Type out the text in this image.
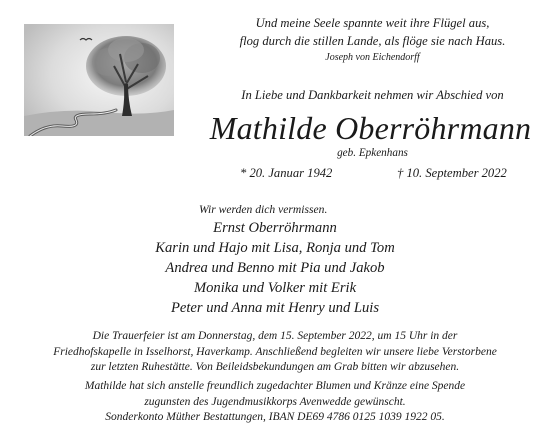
Und meine Seele spannte weit ihre Flügel aus,
flog durch die stillen Lande, als flöge sie nach Haus.
Joseph von Eichendorff
In Liebe und Dankbarkeit nehmen wir Abschied von
Mathilde Oberröhrmann
geb. Epkenhans
* 20. Januar 1942	† 10. September 2022
Wir werden dich vermissen.
Ernst Oberröhrmann
Karin und Hajo mit Lisa, Ronja und Tom
Andrea und Benno mit Pia und Jakob
Monika und Volker mit Erik
Peter und Anna mit Henry und Luis
Die Trauerfeier ist am Donnerstag, dem 15. September 2022, um 15 Uhr in der
Friedhofskapelle in Isselhorst, Haverkamp. Anschließend begleiten wir unsere liebe Verstorbene
zur letzten Ruhestätte. Von Beileidsbekundungen am Grab bitten wir abzusehen.
Mathilde hat sich anstelle freundlich zugedachter Blumen und Kränze eine Spende
zugunsten des Jugendmusikkorps Avenwedde gewünscht.
Sonderkonto Müther Bestattungen, IBAN DE69 4786 0125 1039 1922 05.
